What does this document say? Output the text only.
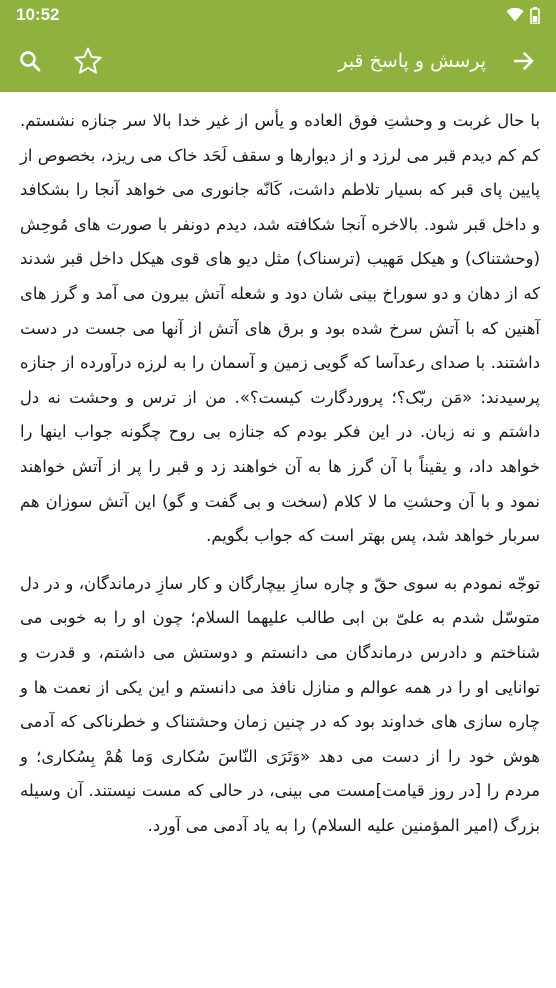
10:52
پرسش و پاسخ قبر

با حال غربت و وحشتِ فوق العاده و یأس از غیر خدا بالا سر جنازه نشستم. کم کم دیدم قبر می لرزد و از دیوارها و سقف لَحَد خاک می ریزد، بخصوص از پایین پای قبر که بسیار تلاطم داشت، کَانّه جانوری می خواهد آنجا را بشکافد و داخل قبر شود. بالاخره آنجا شکافته شد، دیدم دونفر با صورت های مُوحِش (وحشتناک) و هیکل مَهیب (ترسناک) مثل دیو های قوی هیکل داخل قبر شدند که از دهان و دو سوراخ بینی شان دود و شعله آتش بیرون می آمد و گرز های آهنین که با آتش سرخ شده بود و برق های آتش از آنها می جست در دست داشتند. با صدای رعدآسا که گویی زمین و آسمان را به لرزه درآورده از جنازه پرسیدند: «مَن ربّک؟؛ پروردگارت کیست؟». من از ترس و وحشت نه دل داشتم و نه زبان. در این فکر بودم که جنازه بی روح چگونه جواب اینها را خواهد داد، و یقیناً با آن گرز ها به آن خواهند زد و قبر را پر از آتش خواهند نمود و با آن وحشتِ ما لا کلام (سخت و بی گفت و گو) این آتش سوزان هم سربار خواهد شد، پس بهتر است که جواب بگویم.

توجّه نمودم به سوی حقّ و چاره سازِ بیچارگان و کار سازِ درماندگان، و در دل متوسّل شدم به علیّ بن ابی طالب علیهما السلام؛ چون او را به خوبی می شناختم و دادرس درماندگان می دانستم و دوستش می داشتم، و قدرت و توانایی او را در همه عوالم و منازل نافذ می دانستم و این یکی از نعمت ها و چاره سازی های خداوند بود که در چنین زمان وحشتناک و خطرناکی که آدمی هوش خود را از دست می دهد «وَتَرَی النّاسَ سُکاری وَما هُمْ بِسُکاری؛ و مردم را [در روز قیامت]مست می بینی، در حالی که مست نیستند. آن وسیله بزرگ (امیر المؤمنین علیه السلام) را به یاد آدمی می آورد.
